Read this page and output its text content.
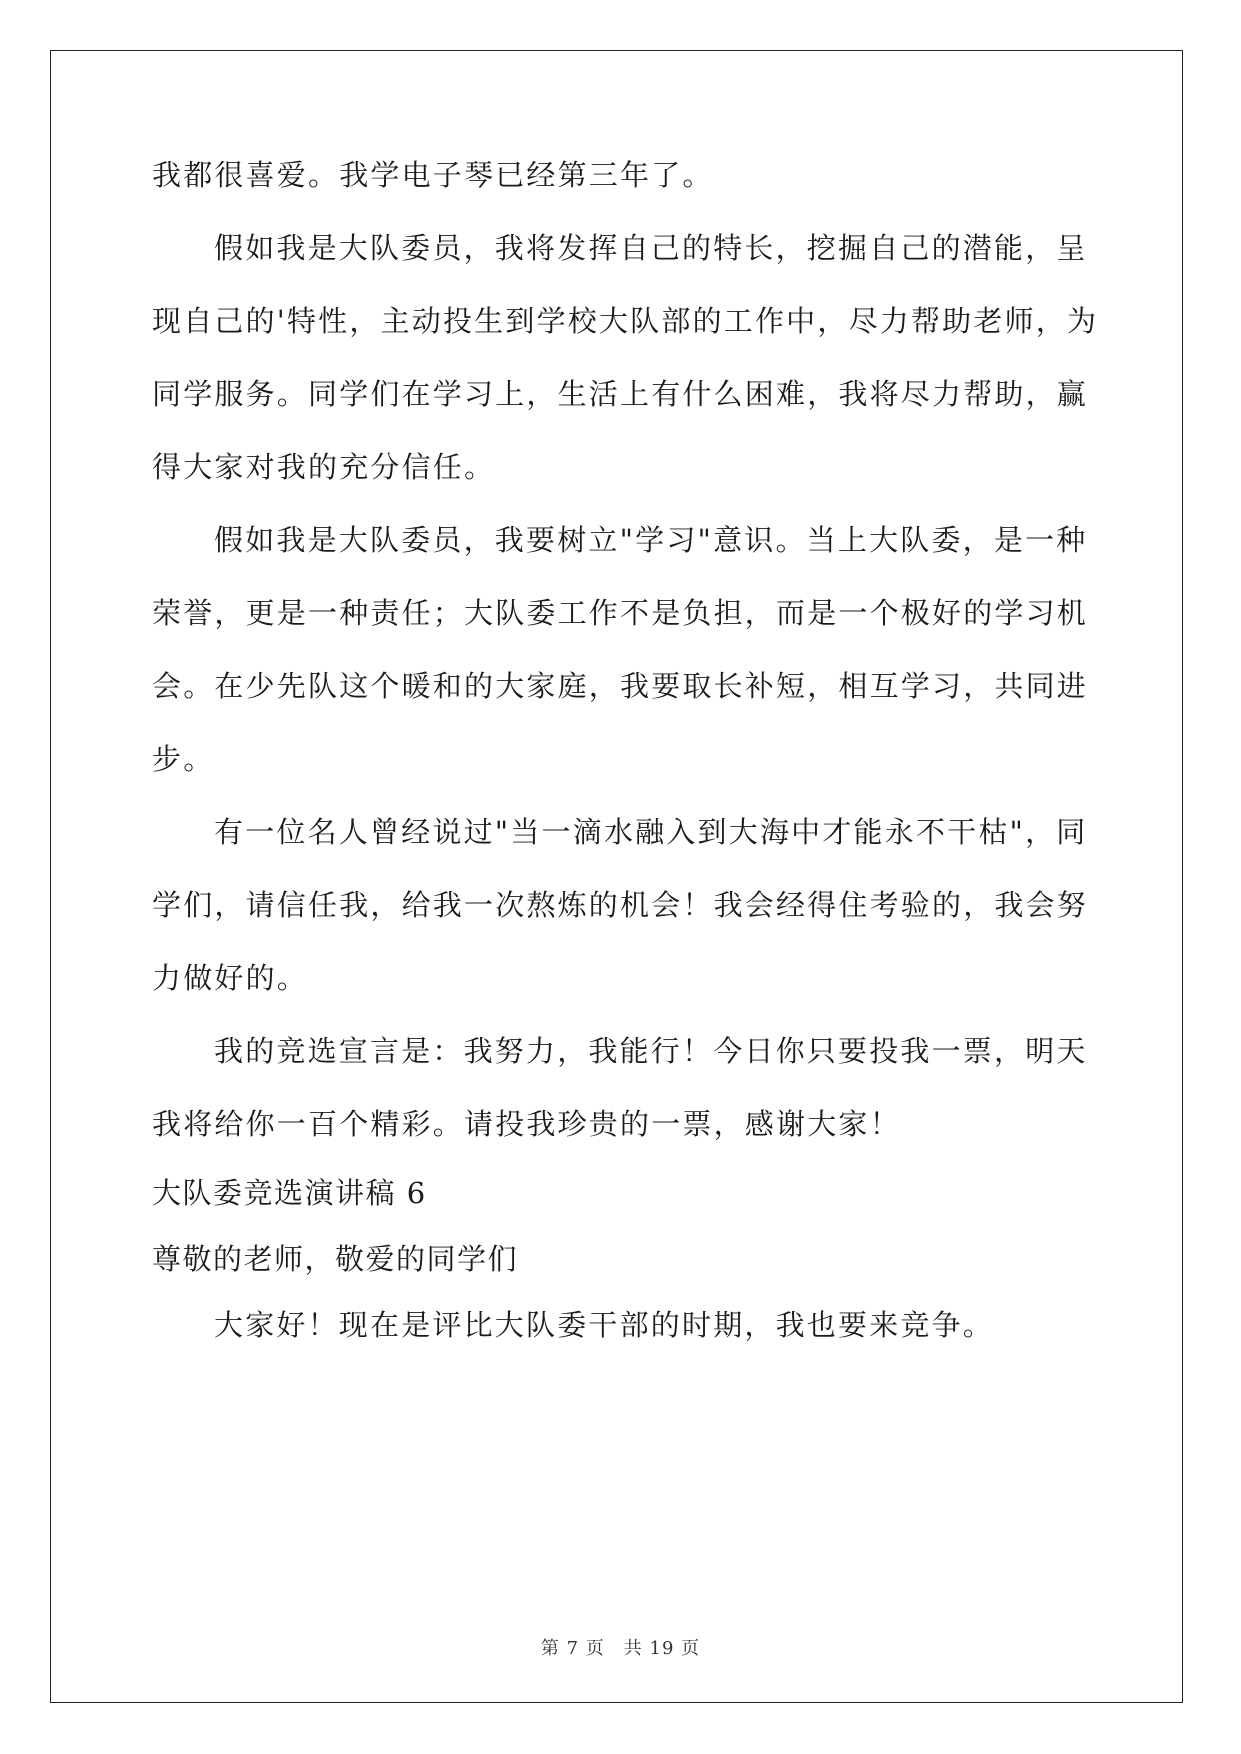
我都很喜爱。我学电子琴已经第三年了。
假如我是大队委员，我将发挥自己的特长，挖掘自己的潜能，呈
现自己的'特性，主动投生到学校大队部的工作中，尽力帮助老师，为
同学服务。同学们在学习上，生活上有什么困难，我将尽力帮助，赢
得大家对我的充分信任。
假如我是大队委员，我要树立"学习"意识。当上大队委，是一种
荣誉，更是一种责任；大队委工作不是负担，而是一个极好的学习机
会。在少先队这个暖和的大家庭，我要取长补短，相互学习，共同进
步。
有一位名人曾经说过"当一滴水融入到大海中才能永不干枯"，同
学们，请信任我，给我一次熬炼的机会！我会经得住考验的，我会努
力做好的。
我的竞选宣言是：我努力，我能行！今日你只要投我一票，明天
我将给你一百个精彩。请投我珍贵的一票，感谢大家！
大队委竞选演讲稿 6
尊敬的老师，敬爱的同学们
大家好！现在是评比大队委干部的时期，我也要来竞争。
第 7 页　共 19 页
